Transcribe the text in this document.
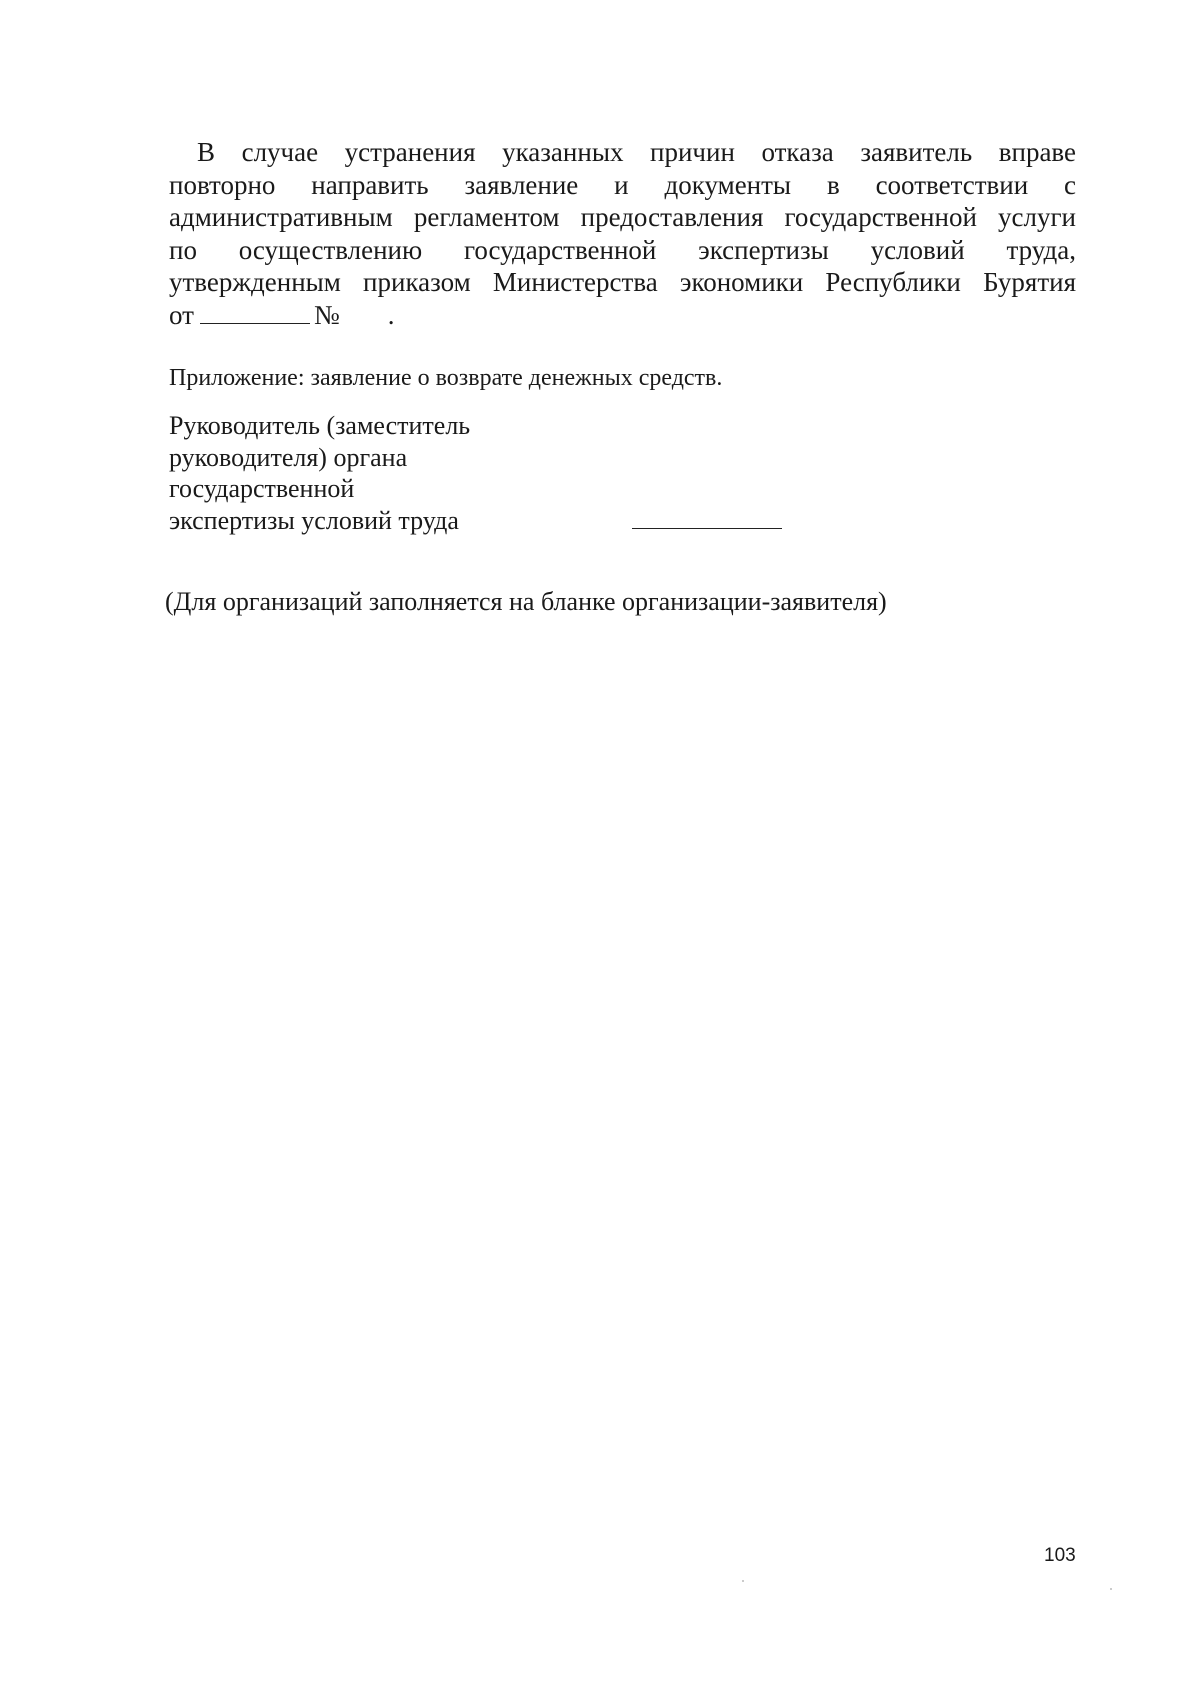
В случае устранения указанных причин отказа заявитель вправе
повторно направить заявление и документы в соответствии с
административным регламентом предоставления государственной услуги
по осуществлению государственной экспертизы условий труда,
утвержденным приказом Министерства экономики Республики Бурятия
от	№ .

Приложение: заявление о возврате денежных средств.

Руководитель (заместитель
руководителя) органа
государственной
экспертизы условий труда
(Для организаций заполняется на бланке организации-заявителя)
103
